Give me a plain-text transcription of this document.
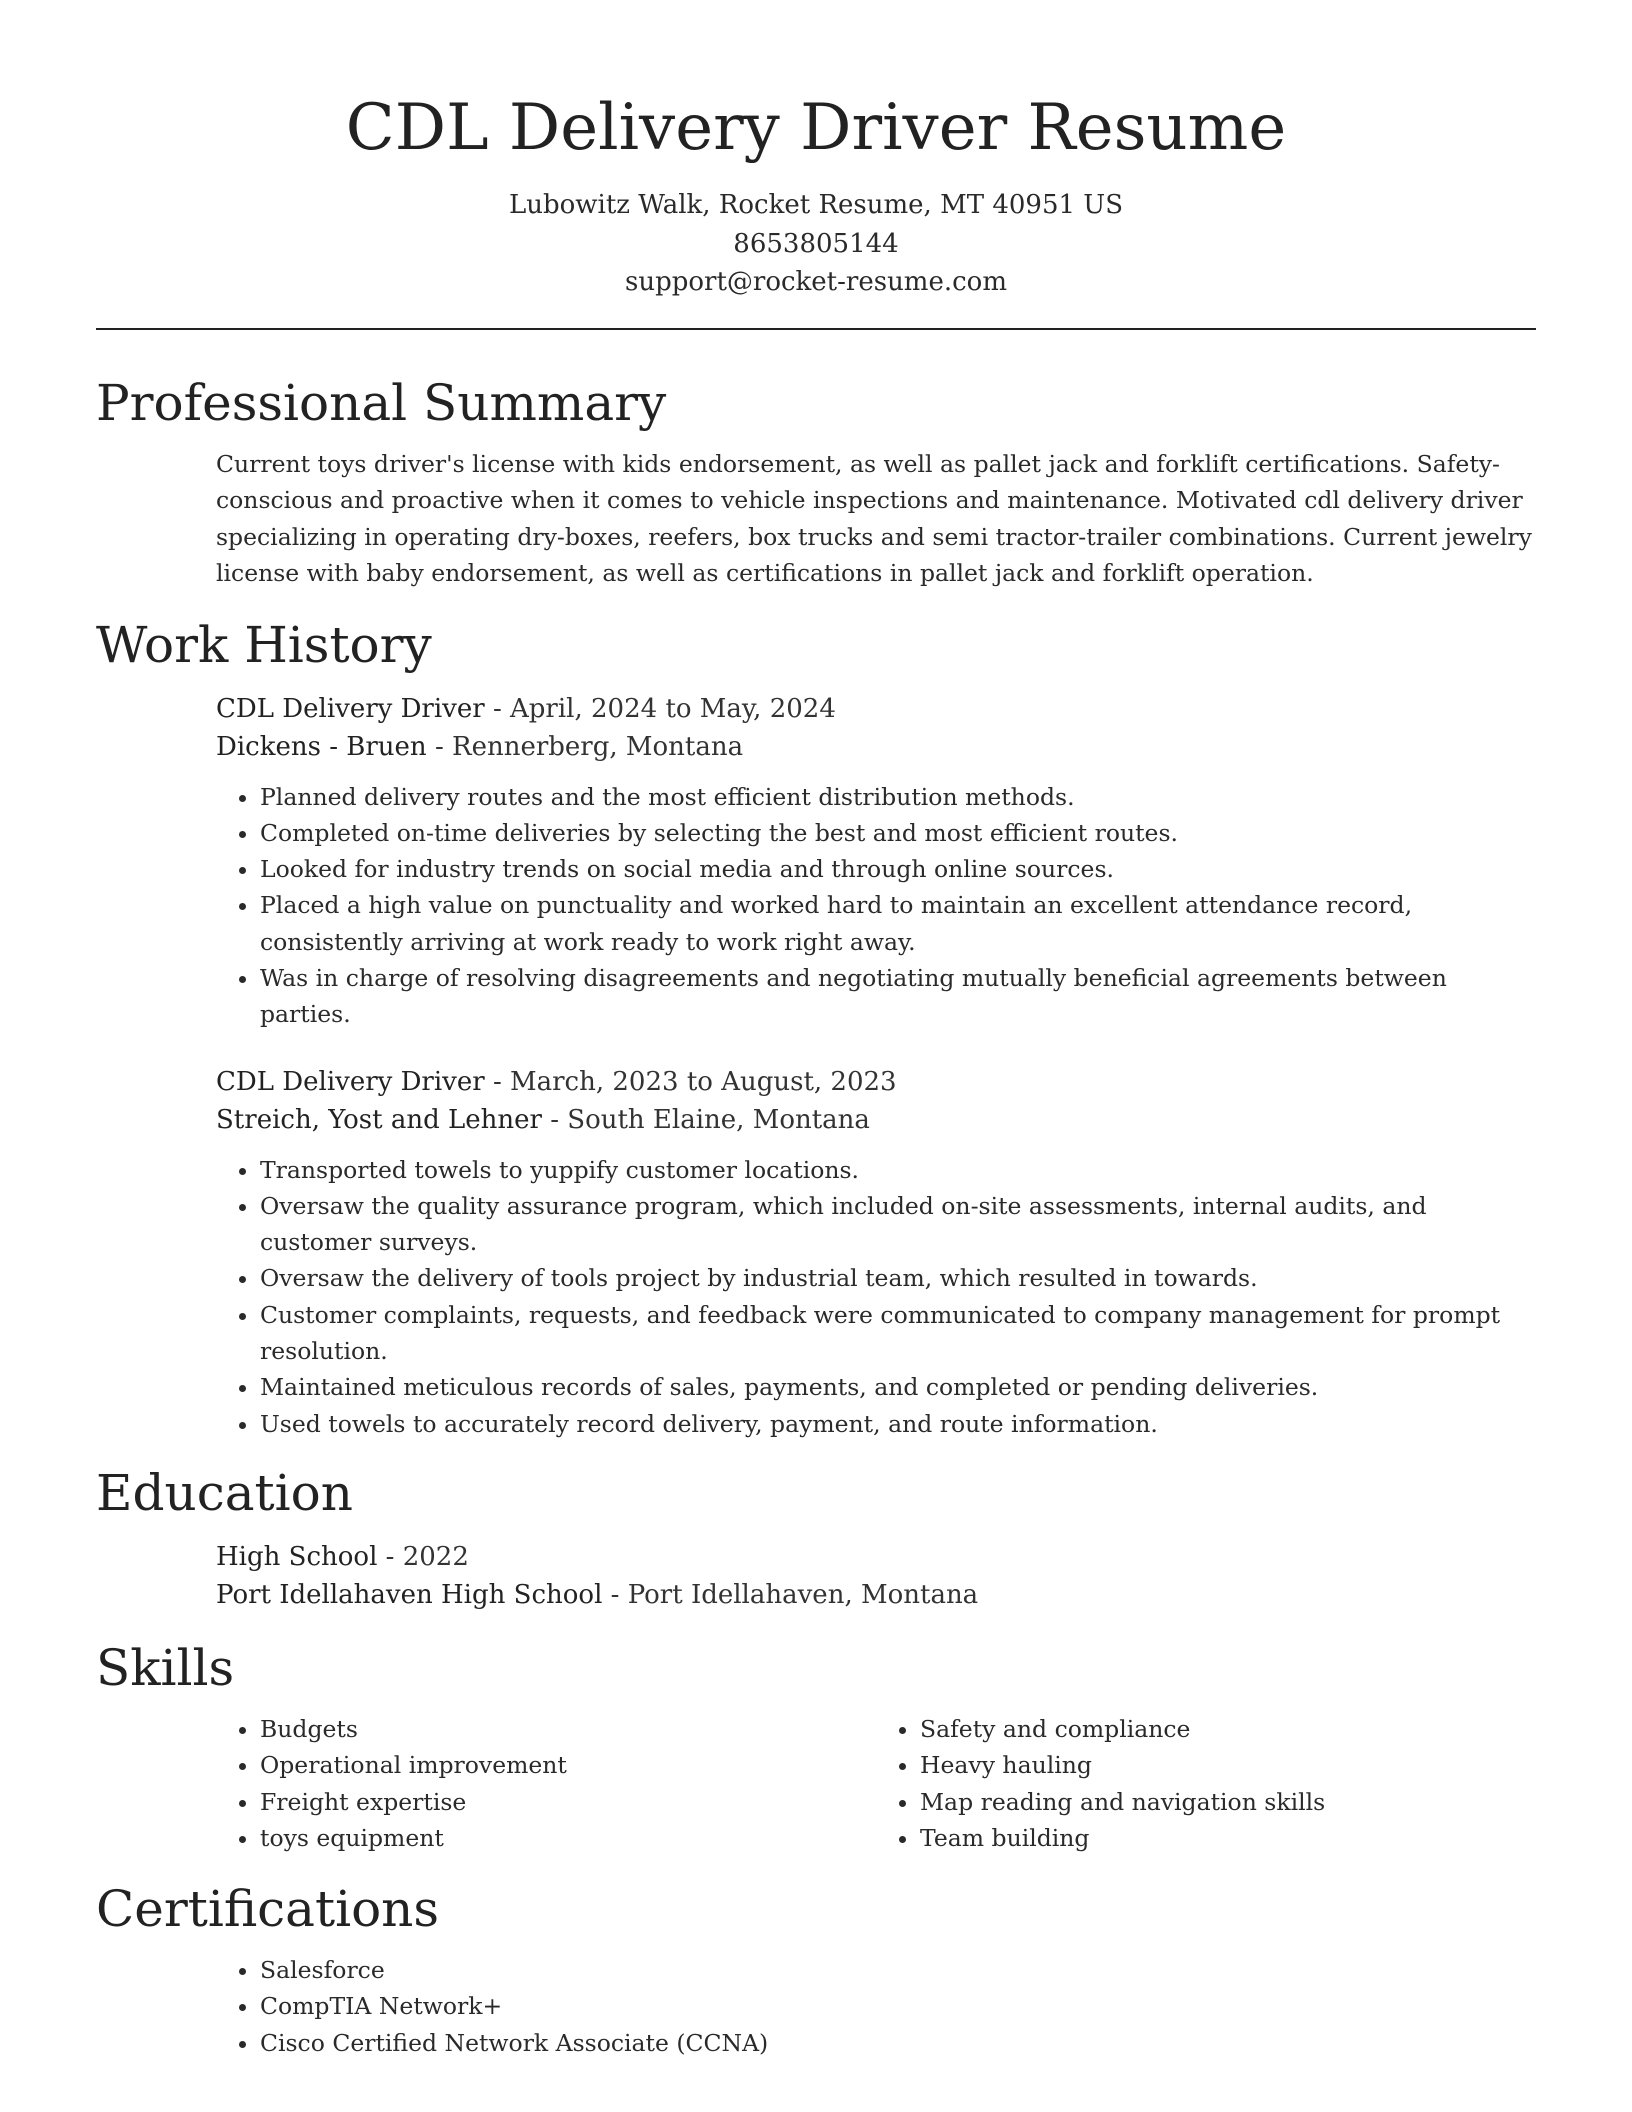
CDL Delivery Driver Resume
Lubowitz Walk, Rocket Resume, MT 40951 US
8653805144
support@rocket-resume.com
Professional Summary

Current toys driver's license with kids endorsement, as well as pallet jack and forklift certifications. Safety-conscious and proactive when it comes to vehicle inspections and maintenance. Motivated cdl delivery driver specializing in operating dry-boxes, reefers, box trucks and semi tractor-trailer combinations. Current jewelry license with baby endorsement, as well as certifications in pallet jack and forklift operation.

Work History
CDL Delivery Driver - April, 2024 to May, 2024
Dickens - Bruen - Rennerberg, Montana
• Planned delivery routes and the most efficient distribution methods.
• Completed on-time deliveries by selecting the best and most efficient routes.
• Looked for industry trends on social media and through online sources.
• Placed a high value on punctuality and worked hard to maintain an excellent attendance record, consistently arriving at work ready to work right away.
• Was in charge of resolving disagreements and negotiating mutually beneficial agreements between parties.
CDL Delivery Driver - March, 2023 to August, 2023
Streich, Yost and Lehner - South Elaine, Montana
• Transported towels to yuppify customer locations.
• Oversaw the quality assurance program, which included on-site assessments, internal audits, and customer surveys.
• Oversaw the delivery of tools project by industrial team, which resulted in towards.
• Customer complaints, requests, and feedback were communicated to company management for prompt resolution.
• Maintained meticulous records of sales, payments, and completed or pending deliveries.
• Used towels to accurately record delivery, payment, and route information.
Education
High School - 2022
Port Idellahaven High School - Port Idellahaven, Montana
Skills
• Budgets
• Operational improvement
• Freight expertise
• toys equipment
• Safety and compliance
• Heavy hauling
• Map reading and navigation skills
• Team building
Certifications
• Salesforce
• CompTIA Network+
• Cisco Certified Network Associate (CCNA)
